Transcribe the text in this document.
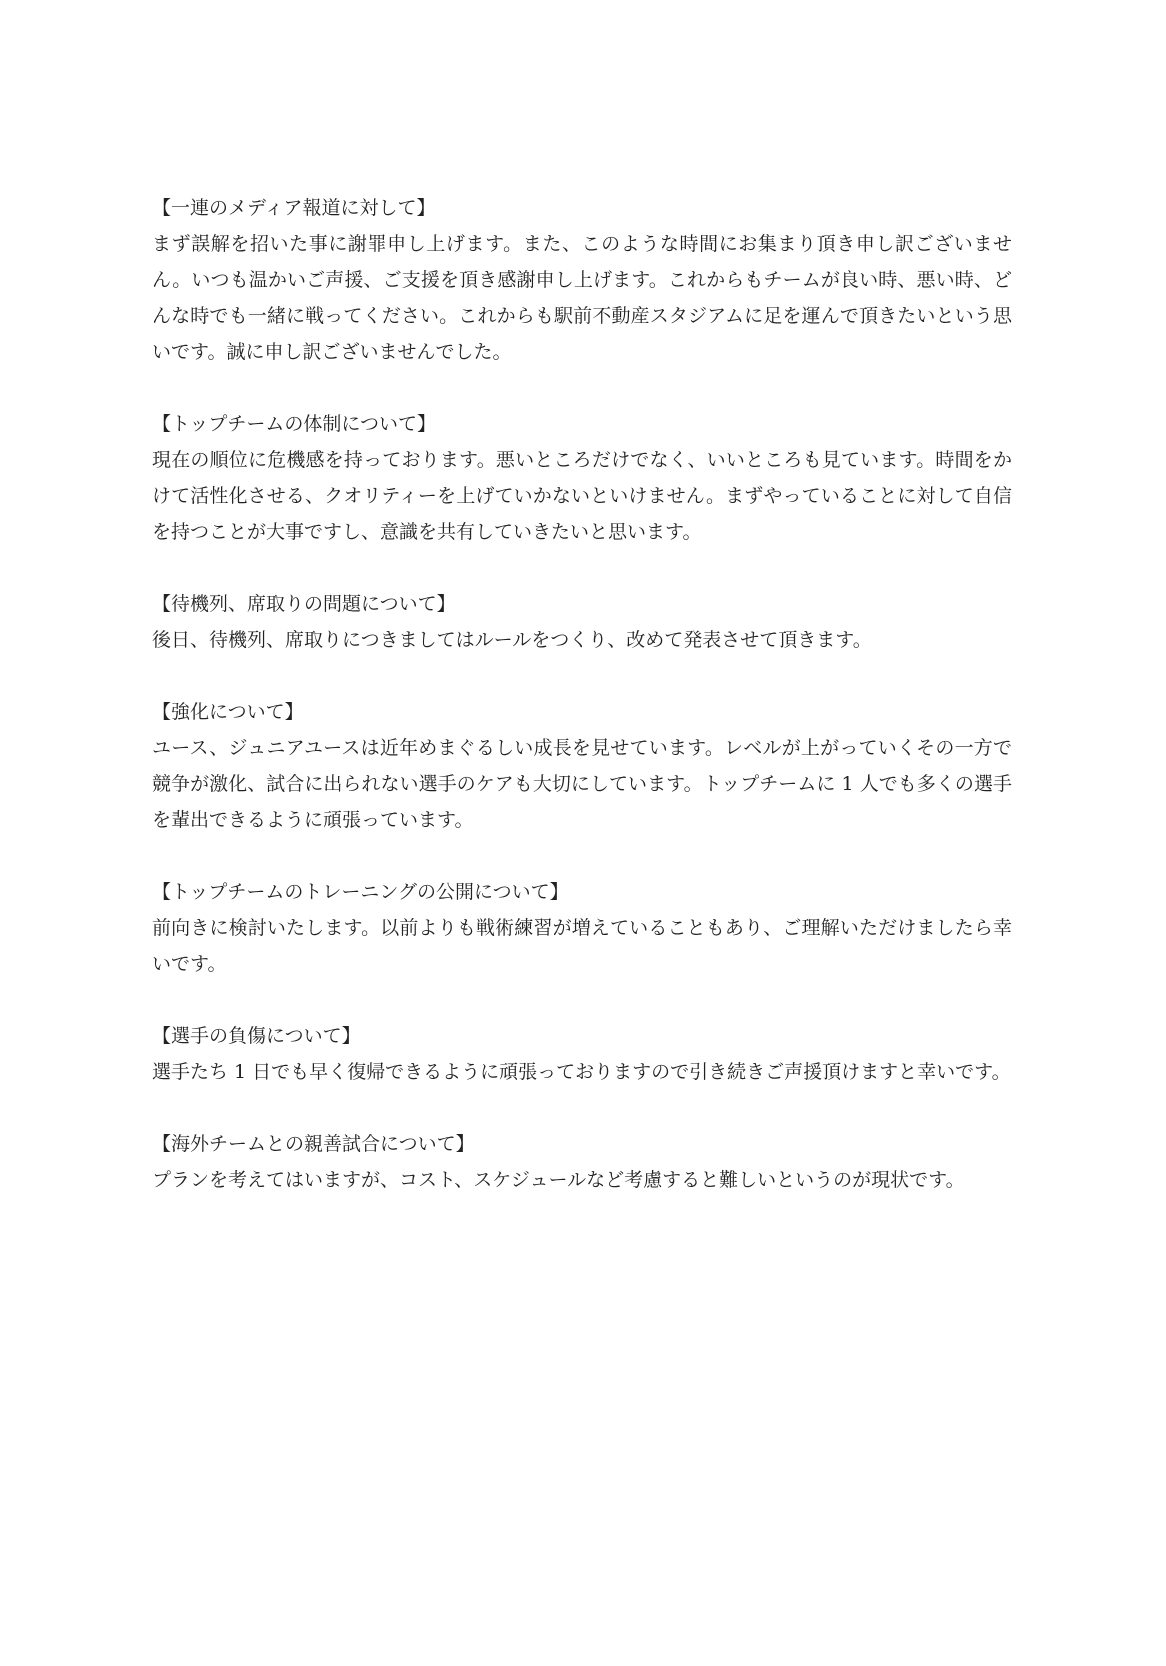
【一連のメディア報道に対して】

まず誤解を招いた事に謝罪申し上げます。また、このような時間にお集まり頂き申し訳ございません。いつも温かいご声援、ご支援を頂き感謝申し上げます。これからもチームが良い時、悪い時、どんな時でも一緒に戦ってください。これからも駅前不動産スタジアムに足を運んで頂きたいという思いです。誠に申し訳ございませんでした。

【トップチームの体制について】

現在の順位に危機感を持っております。悪いところだけでなく、いいところも見ています。時間をかけて活性化させる、クオリティーを上げていかないといけません。まずやっていることに対して自信を持つことが大事ですし、意識を共有していきたいと思います。

【待機列、席取りの問題について】

後日、待機列、席取りにつきましてはルールをつくり、改めて発表させて頂きます。

【強化について】

ユース、ジュニアユースは近年めまぐるしい成長を見せています。レベルが上がっていくその一方で競争が激化、試合に出られない選手のケアも大切にしています。トップチームに 1 人でも多くの選手を輩出できるように頑張っています。

【トップチームのトレーニングの公開について】

前向きに検討いたします。以前よりも戦術練習が増えていることもあり、ご理解いただけましたら幸いです。

【選手の負傷について】

選手たち 1 日でも早く復帰できるように頑張っておりますので引き続きご声援頂けますと幸いです。

【海外チームとの親善試合について】

プランを考えてはいますが、コスト、スケジュールなど考慮すると難しいというのが現状です。
